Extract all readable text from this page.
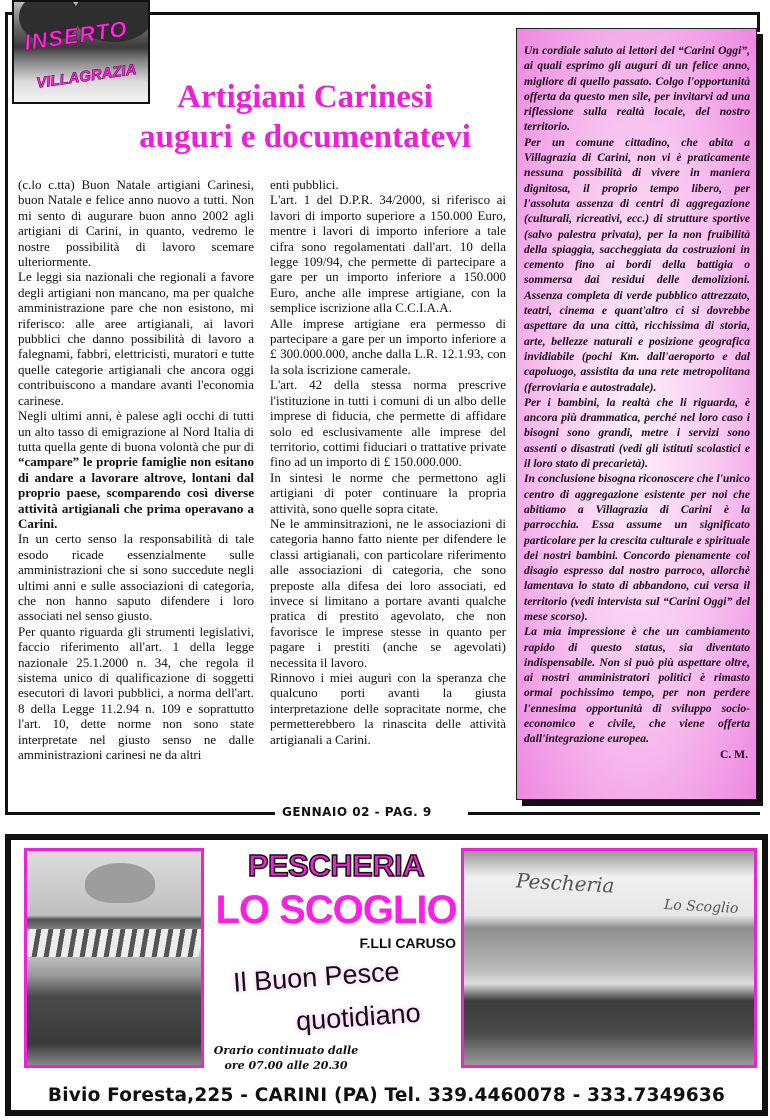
INSERTO
VILLAGRAZIA
Artigiani Carinesi
auguri e documentatevi

(c.lo c.tta) Buon Natale artigiani Carinesi, buon Natale e felice anno nuovo a tutti. Non mi sento di augurare buon anno 2002 agli artigiani di Carini, in quanto, vedremo le nostre possibilità di lavoro scemare ulteriormente.

Le leggi sia nazionali che regionali a favore degli artigiani non mancano, ma per qualche amministrazione pare che non esistono, mi riferisco: alle aree artigianali, ai lavori pubblici che danno possibilità di lavoro a falegnami, fabbri, elettricisti, muratori e tutte quelle categorie artigianali che ancora oggi contribuiscono a mandare avanti l'economia carinese.

Negli ultimi anni, è palese agli occhi di tutti un alto tasso di emigrazione al Nord Italia di tutta quella gente di buona volontà che pur di “campare” le proprie famiglie non esitano di andare a lavorare altrove, lontani dal proprio paese, scomparendo così diverse attività artigianali che prima operavano a Carini.

In un certo senso la responsabilità di tale esodo ricade essenzialmente sulle amministrazioni che si sono succedute negli ultimi anni e sulle associazioni di categoria, che non hanno saputo difendere i loro associati nel senso giusto.

Per quanto riguarda gli strumenti legislativi, faccio riferimento all'art. 1 della legge nazionale 25.1.2000 n. 34, che regola il sistema unico di qualificazione di soggetti esecutori di lavori pubblici, a norma dell'art. 8 della Legge 11.2.94 n. 109 e soprattutto l'art. 10, dette norme non sono state interpretate nel giusto senso ne dalle amministrazioni carinesi ne da altri

enti pubblici.

L'art. 1 del D.P.R. 34/2000, si riferisco ai lavori di importo superiore a 150.000 Euro, mentre i lavori di importo inferiore a tale cifra sono regolamentati dall'art. 10 della legge 109/94, che permette di partecipare a gare per un importo inferiore a 150.000 Euro, anche alle imprese artigiane, con la semplice iscrizione alla C.C.I.A.A.

Alle imprese artigiane era permesso di partecipare a gare per un importo inferiore a £ 300.000.000, anche dalla L.R. 12.1.93, con la sola iscrizione camerale.

L'art. 42 della stessa norma prescrive l'istituzione in tutti i comuni di un albo delle imprese di fiducia, che permette di affidare solo ed esclusivamente alle imprese del territorio, cottimi fiduciari o trattative private fino ad un importo di £ 150.000.000.

In sintesi le norme che permettono agli artigiani di poter continuare la propria attività, sono quelle sopra citate.

Ne le amminsitrazioni, ne le associazioni di categoria hanno fatto niente per difendere le classi artigianali, con particolare riferimento alle associazioni di categoria, che sono preposte alla difesa dei loro associati, ed invece si limitano a portare avanti qualche pratica di prestito agevolato, che non favorisce le imprese stesse in quanto per pagare i prestiti (anche se agevolati) necessita il lavoro.

Rinnovo i miei auguri con la speranza che qualcuno porti avanti la giusta interpretazione delle sopracitate norme, che permetterebbero la rinascita delle attività artigianali a Carini.

Un cordiale saluto ai lettori del “Carini Oggi”, ai quali esprimo gli auguri di un felice anno, migliore di quello passato. Colgo l'opportunità offerta da questo men sile, per invitarvi ad una riflessione sulla realtà locale, del nostro territorio.

Per un comune cittadino, che abita a Villagrazia di Carini, non vi è praticamente nessuna possibilità di vivere in maniera dignitosa, il proprio tempo libero, per l'assoluta assenza di centri di aggregazione (culturali, ricreativi, ecc.) di strutture sportive (salvo palestra privata), per la non fruibilità della spiaggia, saccheggiata da costruzioni in cemento fino ai bordi della battigia o sommersa dai residui delle demolizioni. Assenza completa di verde pubblico attrezzato, teatri, cinema e quant'altro ci si dovrebbe aspettare da una città, ricchissima di storia, arte, bellezze naturali e posizione geografica invidiabile (pochi Km. dall'aeroporto e dal capoluogo, assistita da una rete metropolitana (ferroviaria e autostradale).

Per i bambini, la realtà che li riguarda, è ancora più drammatica, perché nel loro caso i bisogni sono grandi, metre i servizi sono assenti o disastrati (vedi gli istituti scolastici e il loro stato di precarietà).

In conclusione bisogna riconoscere che l'unico centro di aggregazione esistente per noi che abitiamo a Villagrazia di Carini è la parrocchia. Essa assume un significato particolare per la crescita culturale e spirituale dei nostri bambini. Concordo pienamente col disagio espresso dal nostro parroco, allorchè lamentava lo stato di abbandono, cui versa il territorio (vedi intervista sul “Carini Oggi” del mese scorso).

La mia impressione è che un cambiamento rapido di questo status, sia diventato indispensabile. Non si può più aspettare oltre, ai nostri amministratori politici è rimasto ormai pochissimo tempo, per non perdere l'ennesima opportunità di sviluppo socio-economico e civile, che viene offerta dall'integrazione europea.

C. M.

GENNAIO 02 - PAG. 9
PESCHERIA
LO SCOGLIO
F.LLI CARUSO
Il Buon Pesce
quotidiano
Orario continuato dalle
ore 07.00 alle 20.30
Pescheria
Lo Scoglio
Bivio Foresta,225 - CARINI (PA) Tel. 339.4460078 - 333.7349636
